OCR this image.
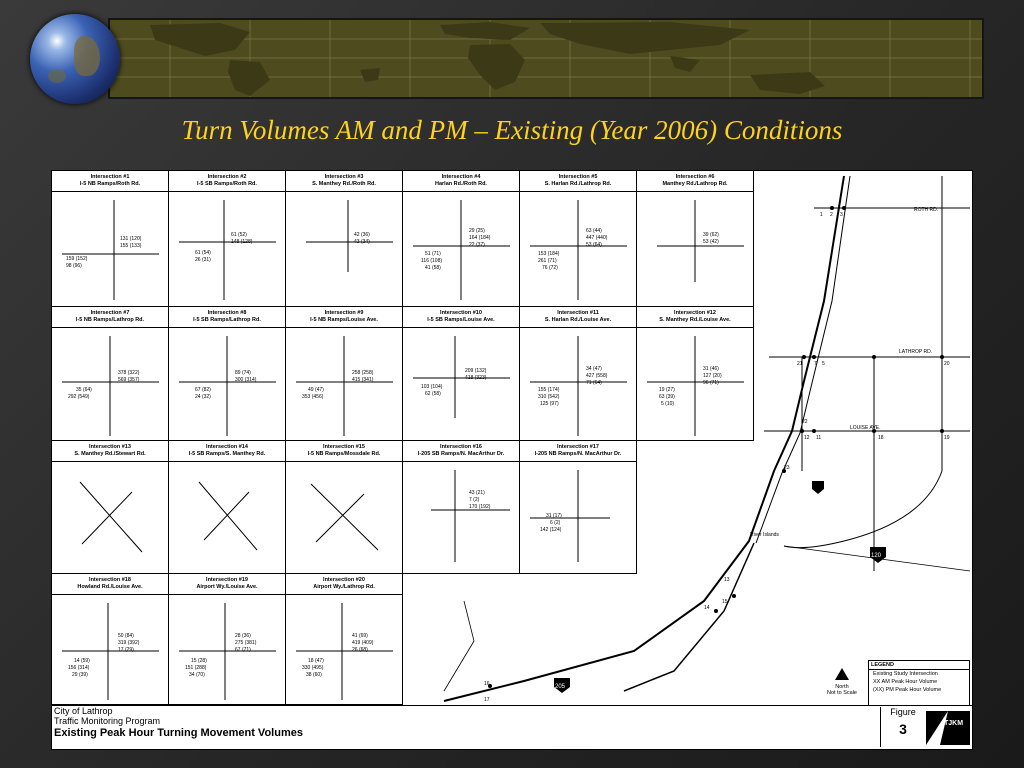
Turn Volumes AM and PM – Existing (Year 2006) Conditions
Intersection #1
I-5 NB Ramps/Roth Rd.
131 (120)
155 (133)
159 (152)
98 (96)
Intersection #2
I-5 SB Ramps/Roth Rd.
61 (52)
148 (128)
61 (54)
26 (31)
Intersection #3
S. Manthey Rd./Roth Rd.
42 (36)
43 (34)
Intersection #4
Harlan Rd./Roth Rd.
29 (25)
164 (184)
22 (37)
51 (71)
116 (108)
41 (58)
Intersection #5
S. Harlan Rd./Lathrop Rd.
63 (44)
447 (440)
53 (64)
153 (184)
261 (71)
76 (72)
Intersection #6
Manthey Rd./Lathrop Rd.
39 (62)
53 (42)
Intersection #7
I-5 NB Ramps/Lathrop Rd.
378 (322)
569 (357)
35 (64)
292 (549)
Intersection #8
I-5 SB Ramps/Lathrop Rd.
89 (74)
300 (314)
67 (82)
24 (32)
Intersection #9
I-5 NB Ramps/Louise Ave.
258 (258)
415 (341)
49 (47)
353 (456)
Intersection #10
I-5 SB Ramps/Louise Ave.
209 (132)
418 (323)
103 (104)
62 (58)
Intersection #11
S. Harlan Rd./Louise Ave.
34 (47)
427 (558)
71 (64)
155 (174)
310 (542)
125 (97)
Intersection #12
S. Manthey Rd./Louise Ave.
31 (46)
127 (20)
96 (71)
19 (27)
63 (39)
5 (10)
Intersection #13
S. Manthey Rd./Stewart Rd.
Intersection #14
I-5 SB Ramps/S. Manthey Rd.
Intersection #15
I-5 NB Ramps/Mossdale Rd.
Intersection #16
I-205 SB Ramps/N. MacArthur Dr.
43 (21)
7 (2)
170 (192)
Intersection #17
I-205 NB Ramps/N. MacArthur Dr.
31 (17)
6 (2)
142 (124)
Intersection #18
Howland Rd./Louise Ave.
50 (84)
319 (392)
17 (29)
14 (59)
156 (314)
29 (39)
Intersection #19
Airport Wy./Louise Ave.
28 (36)
275 (381)
67 (71)
15 (28)
151 (288)
34 (70)
Intersection #20
Airport Wy./Lathrop Rd.
41 (69)
419 (409)
26 (68)
18 (47)
330 (495)
38 (60)
1 2 3
20
21 7 5
19
18
11
22
12
23
13
14
15
16
17
ROTH RD.
LATHROP RD.
LOUISE AVE.
River Islands
120
205	North
Not to Scale
LEGEND
Existing Study Intersection
XX AM Peak Hour Volume
(XX) PM Peak Hour Volume
City of Lathrop
Traffic Monitoring Program
Existing Peak Hour Turning Movement Volumes
Figure
3	TJKM
